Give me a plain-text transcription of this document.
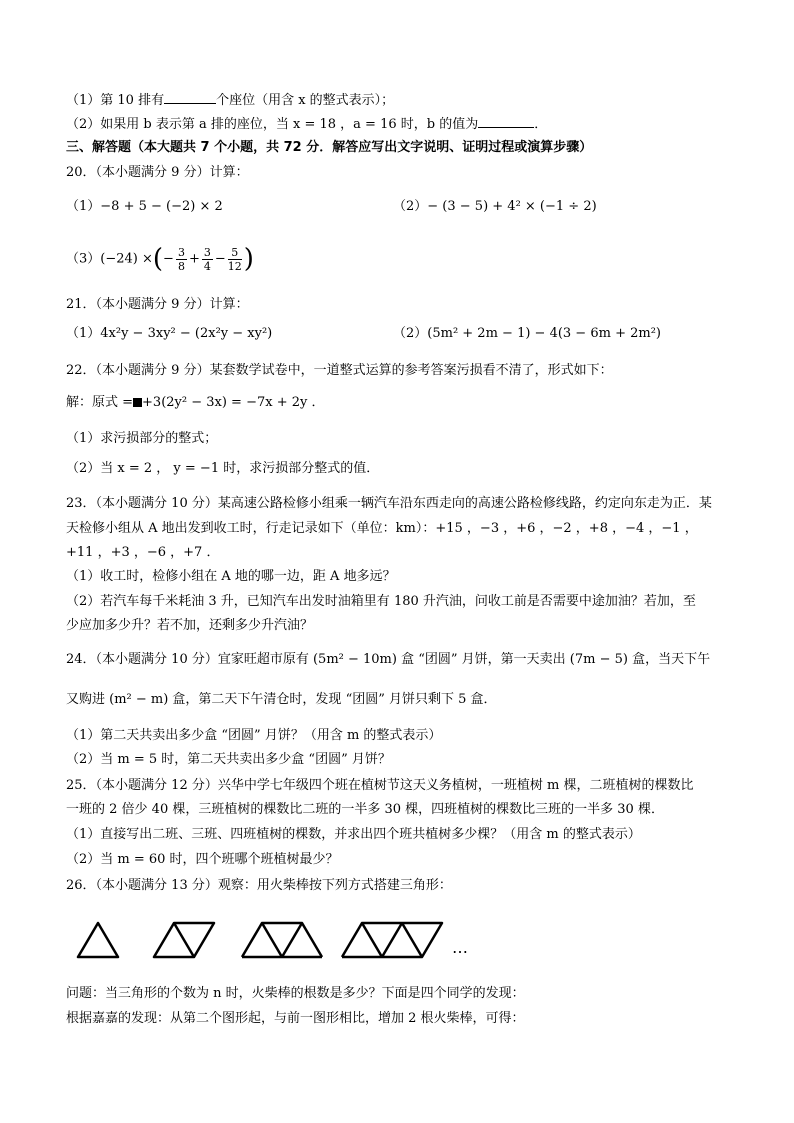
（1）第 10 排有	个座位（用含 x 的整式表示）；
（2）如果用 b 表示第 a 排的座位，当 x = 18 ，a = 16 时，b 的值为	．
三、解答题（本大题共 7 个小题，共 72 分．解答应写出文字说明、证明过程或演算步骤）
20．（本小题满分 9 分）计算：
（1）−8 + 5 − (−2) × 2	（2）− (3 − 5) + 4² × (−1 ÷ 2)
（3）(−24) ×(− $\frac{3}{8} + \frac{3}{4} - \frac{5}{12}$ )
21．（本小题满分 9 分）计算：
（1）4x²y − 3xy² − (2x²y − xy²)	（2）(5m² + 2m − 1) − 4(3 − 6m + 2m²)
22．（本小题满分 9 分）某套数学试卷中，一道整式运算的参考答案污损看不清了，形式如下：
解：原式 = +3(2y² − 3x) = −7x + 2y ．
（1）求污损部分的整式；
（2）当 x = 2 ， y = −1 时，求污损部分整式的值．
23．（本小题满分 10 分）某高速公路检修小组乘一辆汽车沿东西走向的高速公路检修线路，约定向东走为正．某
天检修小组从 A 地出发到收工时，行走记录如下（单位：km）：+15 ，−3 ，+6 ，−2 ，+8 ，−4 ，−1 ，
+11 ，+3 ，−6 ，+7 ．
（1）收工时，检修小组在 A 地的哪一边，距 A 地多远？
（2）若汽车每千米耗油 3 升，已知汽车出发时油箱里有 180 升汽油，问收工前是否需要中途加油？若加，至
少应加多少升？若不加，还剩多少升汽油？
24．（本小题满分 10 分）宜家旺超市原有 (5m² − 10m) 盒 “团圆” 月饼，第一天卖出 (7m − 5) 盒，当天下午
又购进 (m² − m) 盒，第二天下午清仓时，发现 “团圆” 月饼只剩下 5 盒．
（1）第二天共卖出多少盒 “团圆” 月饼？（用含 m 的整式表示）
（2）当 m = 5 时，第二天共卖出多少盒 “团圆” 月饼？
25．（本小题满分 12 分）兴华中学七年级四个班在植树节这天义务植树，一班植树 m 棵，二班植树的棵数比
一班的 2 倍少 40 棵，三班植树的棵数比二班的一半多 30 棵，四班植树的棵数比三班的一半多 30 棵．
（1）直接写出二班、三班、四班植树的棵数，并求出四个班共植树多少棵？（用含 m 的整式表示）
（2）当 m = 60 时，四个班哪个班植树最少？
26．（本小题满分 13 分）观察：用火柴棒按下列方式搭建三角形：
…
问题：当三角形的个数为 n 时，火柴棒的根数是多少？下面是四个同学的发现：
根据嘉嘉的发现：从第二个图形起，与前一图形相比，增加 2 根火柴棒，可得：
